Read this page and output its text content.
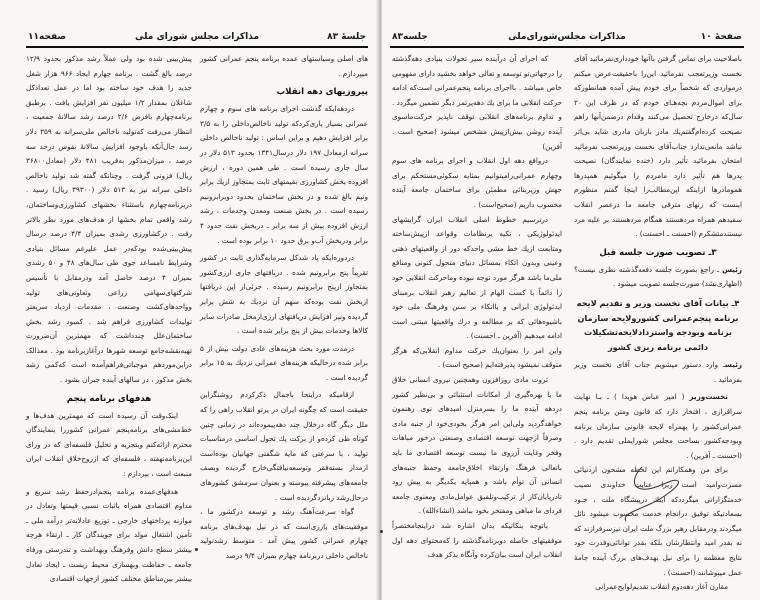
جلسهٔ ۸۳
مذاکرات مجلس شورای ملی
صفحه۱۱

های اصلی وسیاستهای عمده برنامه پنجم عمرانی کشور میپردازم .

پیروزیهای دهه انقلاب

دردهه‌ایکه گذشت اجرای برنامه های سوم و چهارم عمرانی بسیار یاری‌کردکه تولید ناخالص‌داخلی را به ۳/۵ برابر افزایش دهیم و براین اساس : تولید ناخالص داخلی سرانه ازمعادل ۱۹۷ دلار درسال۱۳۴۱ بحدود ۵۱۳ دلار در سال جاری رسیده است . طی همین دوره ، ارزش افزوده بخش کشاورزی بقیمتهای ثابت بمتجاوز ازیك برابر ونیم بالغ شده و در بخش ساختمان بحدود دوبرابرونیم رسیده است . در بخش صنعت ومعدن وخدمات ، رشد ارزش افزوده بیش از سه برابر ـ دربخش نفت حدود ۴ برابر ودربخش آب‌و برق حدود ۱۰ برابر بوده است .

دردوره‌ایکه یاد شدکل سرمایه‌گذاری ثابت در کشور تقریباً پنج برابرونیم شده . دریافتهای جاری ارزی‌کشور بمتجاوز ازپنج برابرونیم رسیده . جزئی‌از این دریافتها ازبخش نفت بوده‌که سهم آن نزدیك به شش برابر گردیده ونیز افزایش دریافتهای ارزی‌ازمحل صادرات سایر کالاها وخدمات بیش از پنج برابر شده است .

درمدت مورد بحث هزینه‌های عادی دولت بیش از ۵ برابر شده درحالیکه هزینه‌های عمرانی نزدیك به ۱۵ برابر گردیده است .

ارقامیکه دراینجا باجمال ذکرکردم روشنگراین حقیقت است که چگونه ایران در پرتو انقلاب راهی را که ملل دیگر گاه درخلال چند دهه‌پیموده‌اند در زمانی چنین کوتاه طی کرده‌و از برکت یك تحول اساسی درمناسبات تولید ، با سرعتی که مایه شگفتی جهانیان بوده‌است ازمدار بسته‌فقر وتوسعه‌نیافتگی‌خارج گردیده وبصف جامعه‌های پیشرفته پیوسته و بعنوان سرمشق کشورهای درحال‌رشد زبانزد‌گردیده است .

گواه سرعت‌آهنگ رشد و توسعه درکشور ما ، موفقیت‌های بارزی‌است که در نیل بهدف‌های برنامه چهارم عمرانی کشور پیش آمد . متوسط رشدتولید ناخالص داخلی دربرنامه چهارم بمیزان ۹/۴ درصد

پیش‌بینی شده بود ولی عملاً رشد مذکور بحدود ۱۲/۹ درصد بالغ گشت . برنامه چهارم ایجاد ۹۶۶ هزار شغل جدید را هدف خود ساخته بود اما در عمل تعدادکل شاغلان بمقدار ۱/۲ میلیون نفر افزایش یافت . برطبق برنامه‌چهارم بافرض ۲/۶ درصد رشد سالانهٔ جمعیت ، انتظار می‌رفت که‌تولید ناخالص ملی‌سرانه به ۳۵۹ دلار رسد حال‌آنکه باوجود افزایش سالانهٔ نفوس درحد سه درصد ، میزان‌مذکور به‌قریب ۴۸۱ دلار (معادل۳۶۸۰۰ ریال) فزونی گرفت . وچنانکه گفته شد تولید ناخالص داخلی سرانه نیز به ۵۱۳ دلار (۳۹۳۰۰ ریال) رسید . دربرنامه‌چهارم باستثناء بخشهای کشاورزی‌وساختمان، رشد واقعی تمام بخشها از هدف‌های مورد نظر بالاتر رفت . درکشاورزی رشدی بمیزان ۴/۴ درصد درسال پیش‌بینی‌شده بودکه‌در عمل علیرغم مسائل بنیادی وشرایط نامساعد جوی طی سال‌های ۴۸ و ۵۰ رشدی بمیزان ۴ درصد حاصل آمد ودرمقابل با تأسیس شرکتهای‌سهامی زراعی وتعاونی‌های تولید وواحدهای‌کشت وصنعت ، مقدمات ازدیاد سریعتر تولیدات کشاورزی فراهم شد . کمبود رشد بخش ساختمان‌علل چندداشت که مهمترین آن‌ضرورت تهیه‌نقشه‌جامع توسعه شهرها درآغازبرنامه بود . معذالک دراین‌مورد‌هم موجباتی‌فراهم‌آمده است که‌کمی رشد بخش مذکور ، در سالهای آینده جبران بشود .

هدفهای برنامه پنجم

اینک‌وقت آن رسیده است که مهمترین هدف‌ها و خط‌مشی‌های برنامه‌پنجم عمرانی کشوررا بنمایندگان محترم ارائه‌کنم وبتجزیه و تحلیل فلسفه‌ای که در ورای این‌برنامه‌نهفته ، فلسفه‌ای که ازروح‌خلاق انقلاب ایران منبعث است ، بپردازم :

هدفهای‌عمده برنامه پنجم‌ادرحفظ رشد سریع و مداوم اقتصادی همراه باثبات نسبی قیمتها وتعادل در موازنه پرداختهای خارجی ـ توزیع عادلانه‌تر درآمد ملی ـ تأمین اشتغال مولد برای جویندگان کار ـ ارتقاء هرچه بیشتر سطح دانش وفرهنگ وبهداشت و تندرستی ورفاه جامعه ـ حفاظت وبهسازی محیط زیست ـ ایجاد تعادل بیشتر بین‌مناطق مختلف کشور ازجهات اقتصادی

صفحهٔ ۱۰
مذاکرات مجلس‌شورای‌ملی
جلسه۸۳

که اجرای آن درآینده سیر تحولات بنیادی دهه‌گذشته را درجهاتی‌تو توسعه و تعالی خواهد بخشید دارای مفهومی خاص میباشد . بااجرای برنامه پنجم‌عمرانی است‌که ادامه حرکت انقلابی ما برای یك دهه‌پرثمر دیگر تضمین میگردد . و تداوم برنامه‌های انقلابی توقف ناپذیر حرکت‌ماسوی آینده روشن بیش‌ازپیش مشخص میشود (صحیح است . آفرین)

درواقع دهه اول انقلاب و اجرای برنامه های سوم وچهارم عمرانی‌رامیتوانیم بمثابه سکوئی‌مستحکم برای جهش وزیربنائی مطمئن برای ساختمان جامعه آینده محسوب داریم (صحیح‌است) .

درترسیم خطوط اصلی انقلاب ایران گرایشهای ایدئولوژیکی ، تکیه برنظامات وقواعد ازپیش‌ساخته ومتابعت ازیك خط مشی واحدکه دور از واقعیتهای ذهنی وعینی وبدون اتکاء بمسائل دنیای متحول کنونی ومنافع ملی‌ما باشد هرگز مورد توجه نبوده وماحرکت انقلابی خود را دائماً با کسب الهام از تعالیم رهبر انقلاب برمبنای ایدئولوژی ایرانی و بااتکاء بر سنن وفرهنگ ملی خود باشیوه‌هائی که بر مطالعه و درك واقعیتها مبتنی است ادامه میدهیم (آفرین ـ احسنت) .

واین امر را بعنوان‌یك حرکت مداوم انقلابی‌که هرگز متوقف نمیشود پذیرفته‌ایم (صحیح است) .

ثروت مادی روزافزون وهمچنین نیروی انسانی خلاق ما با بهره‌گیری از امکانات استثنائی و بی‌نظیر کشور دردهه آینده ما را بسرمنزل امیدهای نوی رهنمون خواهدگردید ولی‌این امر هرگز بخودی‌خود از جنبه مادی وصرفاً ازجهت توسعه اقتصادی وصنعتی درخور مباهات وفخر وغایت آرزوی ما نیست توسعه اقتصادی ما باید باتعالی فرهنگ وارتقاء اخلاق‌جامعه وحفظ جنبه‌های انسانی آن توأم باشد و همپایه یکدیگر به پیش رود تادرپایان‌کار از ترکیب‌وتلفیق عوامل‌مادی ومعنوی جامعه فردای ما مباهی ومفتخر بخود بباشد (انشاءالله) .

باتوجه بنکاتیکه بدان اشاره شد دراینجامختصراً موفقیتهای حاصله دوبرنامه‌گذشته را که‌محتوای دهه اول انقلاب ایران است بیان‌کرده وآنگاه بذکر هدف

باصلاحیت برای تماس گرفتن باآنها خودداری‌نفرمائید آقای نخست وزیرتعجب نفرمائید این‌را باحقیقت‌عرض میکنم درمواردی که شخصاً برای خودم پیش آمده همانطورکه برای اموال‌مردم بچه‌هـای خودم که در ظرف این ۲۰ سال‌که درخارج تحصیل می‌کنند وقدام درضمن‌آنها راهم نصیحت کرده‌ام‌گفتم‌یك مادر بازبان مادری شاید بی‌اثر نباشد مانعی‌ندارد جناب‌آقای نخست وزیرتعجب نفرمائید امتحان بفرمائید تأثیر دارد (خنده نمایندگان) نصیحت پدرها هم تأثیر دارد مامردم را میگوئیم همپدرها همومادرها ازاینکه این‌مطالب‌را اینجا گفتم منظورم اینست که زنهای مترقی جامعه ما درعصر انقلاب سفیدهم همراه مردهستند همگام مردهستند بر علیه مرد نیستند‌متشکرم (احسنت ـ احسنت) .

۳ـ تصویب صورت جلسه قبل

رئیس ـ راجع بصورت جلسه دفعه‌گذشته نظری نیست؟ (اظهاری‌نشد) صورت‌جلسه تصویب میشود .

۴ـ بیانات آقای نخست وزیر و تقدیم لایحه برنامه پنجم‌عمرانی کشورولایحه سازمان برنامه وبودجه واستردادلایحه‌تشکیلات دائمی برنامه ریزی کشور

رئیسـ وارد دستور میشویم جناب آقای نخست وزیر بفرمائید .

نخست‌وزیر ( امیر عباس هویدا ) ـ بـا نهایت سرافرازی ، افتخار دارد که قانون ومتن برنامه پنجم عمرانی‌کشور را بهمراه لایحه قانونی سازمان برنامه وبودجه‌کشور بساحت مجلس شورایملی تقدیم دارد . (احسنت ـ آفرین) .

برای من وهمکارانم این لحظه مشحون ازدنیائی مسرت‌وامید است زیرا عنایت خداوندی نصیب خدمتگزاراتی میگردد‌که اینك درپیشگاه ملت ، خـود بسعادتیکه توفیق درانجام خدمت محسوب میشود نائل میگردند ودرمقابل رهبر بزرگ ملت ایران نیزسرفرازند که نه بقدر امید وانتظارشان بلکه بقدر توانائی‌وقدرت خود نتایج معظمه را برای نیل بهدف‌های بزرگ آینده جامهٔ عمل میپوشانند (احسنت) .

مقارن آغاز دهه‌دوم انقلاب تقدیم‌لوایح‌عمرانی
